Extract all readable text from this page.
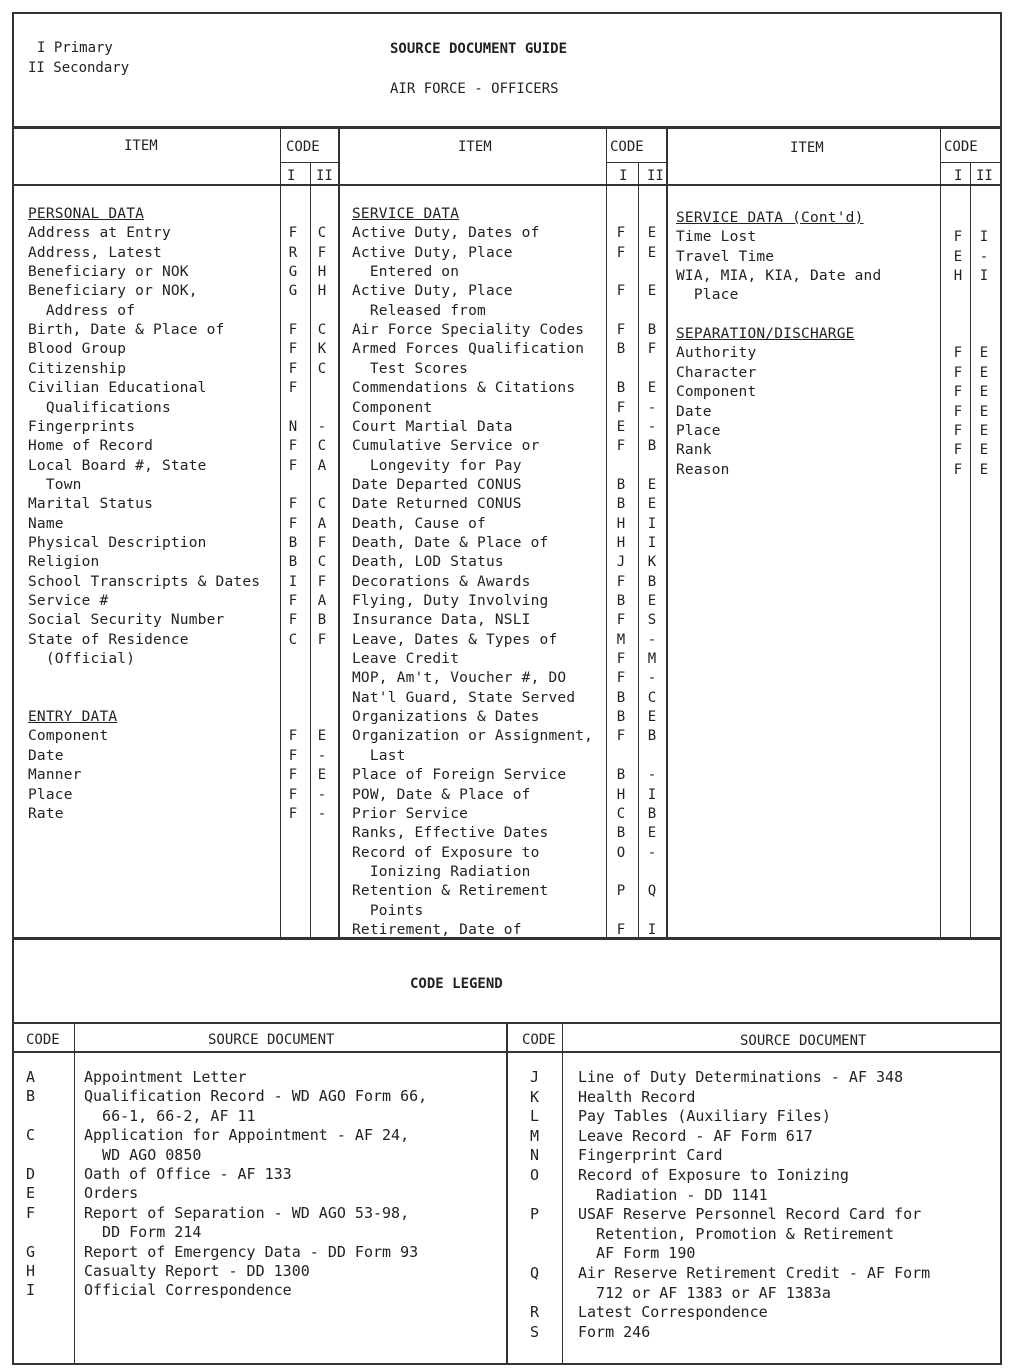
I Primary
II Secondary
SOURCE DOCUMENT GUIDE
AIR FORCE - OFFICERS
ITEM	CODE
I II
ITEM	CODE
I II
ITEM	CODE
I II
PERSONAL DATA
Address at Entry	F	C
Address, Latest	R	F
Beneficiary or NOK	G	H
Beneficiary or NOK,	G	H
Address of
Birth, Date & Place of	F	C
Blood Group	F	K
Citizenship	F	C
Civilian Educational	F
Qualifications
Fingerprints	N	-
Home of Record	F	C
Local Board #, State	F	A
Town
Marital Status	F	C
Name	F	A
Physical Description	B	F
Religion	B	C
School Transcripts & Dates	I	F
Service #	F	A
Social Security Number	F	B
State of Residence	C	F
(Official)
ENTRY DATA
Component	F	E
Date	F	-
Manner	F	E
Place	F	-
Rate	F	-
SERVICE DATA
Active Duty, Dates of	F	E
Active Duty, Place	F	E
Entered on
Active Duty, Place	F	E
Released from
Air Force Speciality Codes	F	B
Armed Forces Qualification	B	F
Test Scores
Commendations & Citations	B	E
Component	F	-
Court Martial Data	E	-
Cumulative Service or	F	B
Longevity for Pay
Date Departed CONUS	B	E
Date Returned CONUS	B	E
Death, Cause of	H	I
Death, Date & Place of	H	I
Death, LOD Status	J	K
Decorations & Awards	F	B
Flying, Duty Involving	B	E
Insurance Data, NSLI	F	S
Leave, Dates & Types of	M	-
Leave Credit	F	M
MOP, Am't, Voucher #, DO	F	-
Nat'l Guard, State Served	B	C
Organizations & Dates	B	E
Organization or Assignment,	F	B
Last
Place of Foreign Service	B	-
POW, Date & Place of	H	I
Prior Service	C	B
Ranks, Effective Dates	B	E
Record of Exposure to	O	-
Ionizing Radiation
Retention & Retirement	P	Q
Points
Retirement, Date of	F	I
SERVICE DATA (Cont'd)
Time Lost	F	I
Travel Time	E	-
WIA, MIA, KIA, Date and	H	I
Place
SEPARATION/DISCHARGE
Authority	F	E
Character	F	E
Component	F	E
Date	F	E
Place	F	E
Rank	F	E
Reason	F	E
CODE LEGEND
CODE	SOURCE DOCUMENT	CODE	SOURCE DOCUMENT
A	Appointment Letter
B	Qualification Record - WD AGO Form 66,
66-1, 66-2, AF 11
C	Application for Appointment - AF 24,
WD AGO 0850
D	Oath of Office - AF 133
E	Orders
F	Report of Separation - WD AGO 53-98,
DD Form 214
G	Report of Emergency Data - DD Form 93
H	Casualty Report - DD 1300
I	Official Correspondence
J	Line of Duty Determinations - AF 348
K	Health Record
L	Pay Tables (Auxiliary Files)
M	Leave Record - AF Form 617
N	Fingerprint Card
O	Record of Exposure to Ionizing
Radiation - DD 1141
P	USAF Reserve Personnel Record Card for
Retention, Promotion & Retirement
AF Form 190
Q	Air Reserve Retirement Credit - AF Form
712 or AF 1383 or AF 1383a
R	Latest Correspondence
S	Form 246
